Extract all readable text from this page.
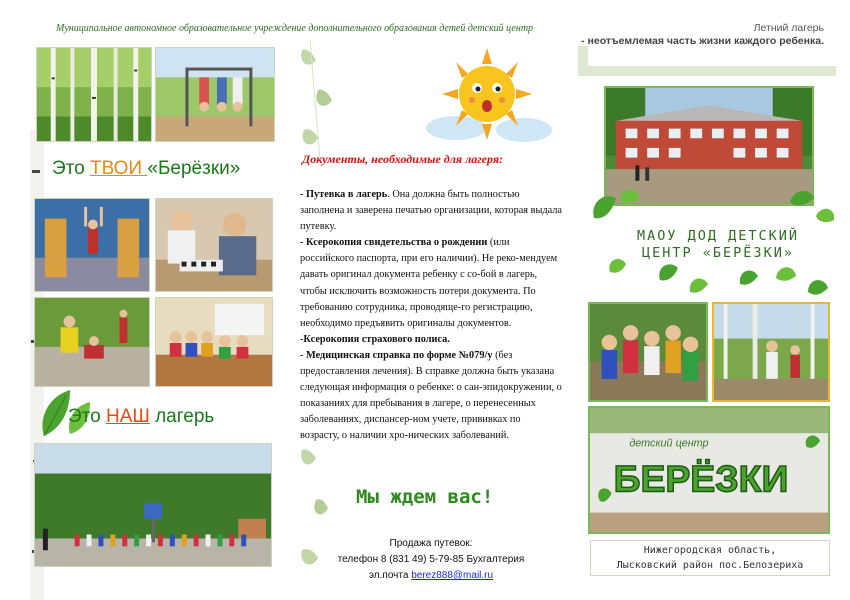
Муниципальное автономное образовательное учреждение дополнительного образования детей детский центр
Это ТВОИ «Берёзки»
Это НАШ лагерь
Документы, необходимые для лагеря:

- Путевка в лагерь. Она должна быть полностью заполнена и заверена печатью организации, которая выдала путевку.

- Ксерокопия свидетельства о рождении (или российского паспорта, при его наличии). Не реко-мендуем давать оригинал документа ребенку с со-бой в лагерь, чтобы исключить возможность потери документа. По требованию сотрудника, проводяще-го регистрацию, необходимо предъявить оригиналы документов.

-Ксерокопия страхового полиса.

- Медицинская справка по форме №079/у (без предоставления лечения). В справке должна быть указана следующая информация о ребенке: о сан-эпидокружении, о показаниях для пребывания в лагере, о перенесенных заболеваниях, диспансер-ном учете, прививках по возрасту, о наличии хро-нических заболеваний.

Мы ждем вас!
Продажа путевок:
телефон 8 (831 49) 5-79-85 Бухгалтерия
эл.почта berez888@mail.ru
Летний лагерь
- неотъемлемая часть жизни каждого ребенка.
МАОУ ДОД ДЕТСКИЙ
ЦЕНТР «БЕРЁЗКИ»
детский центр
БЕРЁЗКИ
Нижегородская область,
Лысковский район пос.Белозериха
